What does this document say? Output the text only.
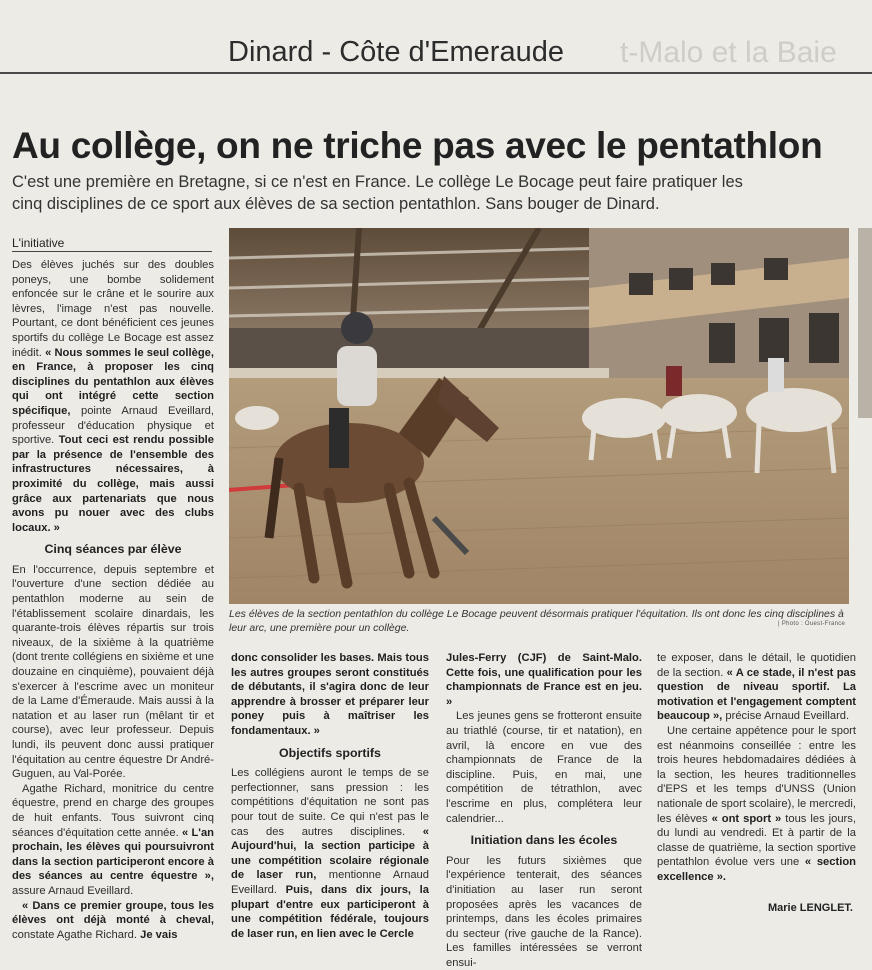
t-Malo et la Baie
Dinard - Côte d'Emeraude
Au collège, on ne triche pas avec le pentathlon
C'est une première en Bretagne, si ce n'est en France. Le collège Le Bocage peut faire pratiquer les cinq disciplines de ce sport aux élèves de sa section pentathlon. Sans bouger de Dinard.
L'initiative

Des élèves juchés sur des doubles poneys, une bombe solidement enfoncée sur le crâne et le sourire aux lèvres, l'image n'est pas nouvelle. Pourtant, ce dont bénéficient ces jeunes sportifs du collège Le Bocage est assez inédit. « Nous sommes le seul collège, en France, à proposer les cinq disciplines du pentathlon aux élèves qui ont intégré cette section spécifique, pointe Arnaud Eveillard, professeur d'éducation physique et sportive. Tout ceci est rendu possible par la présence de l'ensemble des infrastructures nécessaires, à proximité du collège, mais aussi grâce aux partenariats que nous avons pu nouer avec des clubs locaux. »

Cinq séances par élève

En l'occurrence, depuis septembre et l'ouverture d'une section dédiée au pentathlon moderne au sein de l'établissement scolaire dinardais, les quarante-trois élèves répartis sur trois niveaux, de la sixième à la quatrième (dont trente collégiens en sixième et une douzaine en cinquième), pouvaient déjà s'exercer à l'escrime avec un moniteur de la Lame d'Émeraude. Mais aussi à la natation et au laser run (mêlant tir et course), avec leur professeur. Depuis lundi, ils peuvent donc aussi pratiquer l'équitation au centre équestre Dr André-Guguen, au Val-Porée.

Agathe Richard, monitrice du centre équestre, prend en charge des groupes de huit enfants. Tous suivront cinq séances d'équitation cette année. « L'an prochain, les élèves qui poursuivront dans la section participeront encore à des séances au centre équestre », assure Arnaud Eveillard.

« Dans ce premier groupe, tous les élèves ont déjà monté à cheval, constate Agathe Richard. Je vais

Les élèves de la section pentathlon du collège Le Bocage peuvent désormais pratiquer l'équitation. Ils ont donc les cinq disciplines à leur arc, une première pour un collège.	| Photo : Ouest-France

donc consolider les bases. Mais tous les autres groupes seront constitués de débutants, il s'agira donc de leur apprendre à brosser et préparer leur poney puis à maîtriser les fondamentaux. »

Objectifs sportifs

Les collégiens auront le temps de se perfectionner, sans pression : les compétitions d'équitation ne sont pas pour tout de suite. Ce qui n'est pas le cas des autres disciplines. « Aujourd'hui, la section participe à une compétition scolaire régionale de laser run, mentionne Arnaud Eveillard. Puis, dans dix jours, la plupart d'entre eux participeront à une compétition fédérale, toujours de laser run, en lien avec le Cercle

Jules-Ferry (CJF) de Saint-Malo. Cette fois, une qualification pour les championnats de France est en jeu. »

Les jeunes gens se frotteront ensuite au triathlé (course, tir et natation), en avril, là encore en vue des championnats de France de la discipline. Puis, en mai, une compétition de tétrathlon, avec l'escrime en plus, complétera leur calendrier...

Initiation dans les écoles

Pour les futurs sixièmes que l'expérience tenterait, des séances d'initiation au laser run seront proposées après les vacances de printemps, dans les écoles primaires du secteur (rive gauche de la Rance). Les familles intéressées se verront ensui-

te exposer, dans le détail, le quotidien de la section. « A ce stade, il n'est pas question de niveau sportif. La motivation et l'engagement comptent beaucoup », précise Arnaud Eveillard.

Une certaine appétence pour le sport est néanmoins conseillée : entre les trois heures hebdomadaires dédiées à la section, les heures traditionnelles d'EPS et les temps d'UNSS (Union nationale de sport scolaire), le mercredi, les élèves « ont sport » tous les jours, du lundi au vendredi. Et à partir de la classe de quatrième, la section sportive pentathlon évolue vers une « section excellence ».

Marie LENGLET.
